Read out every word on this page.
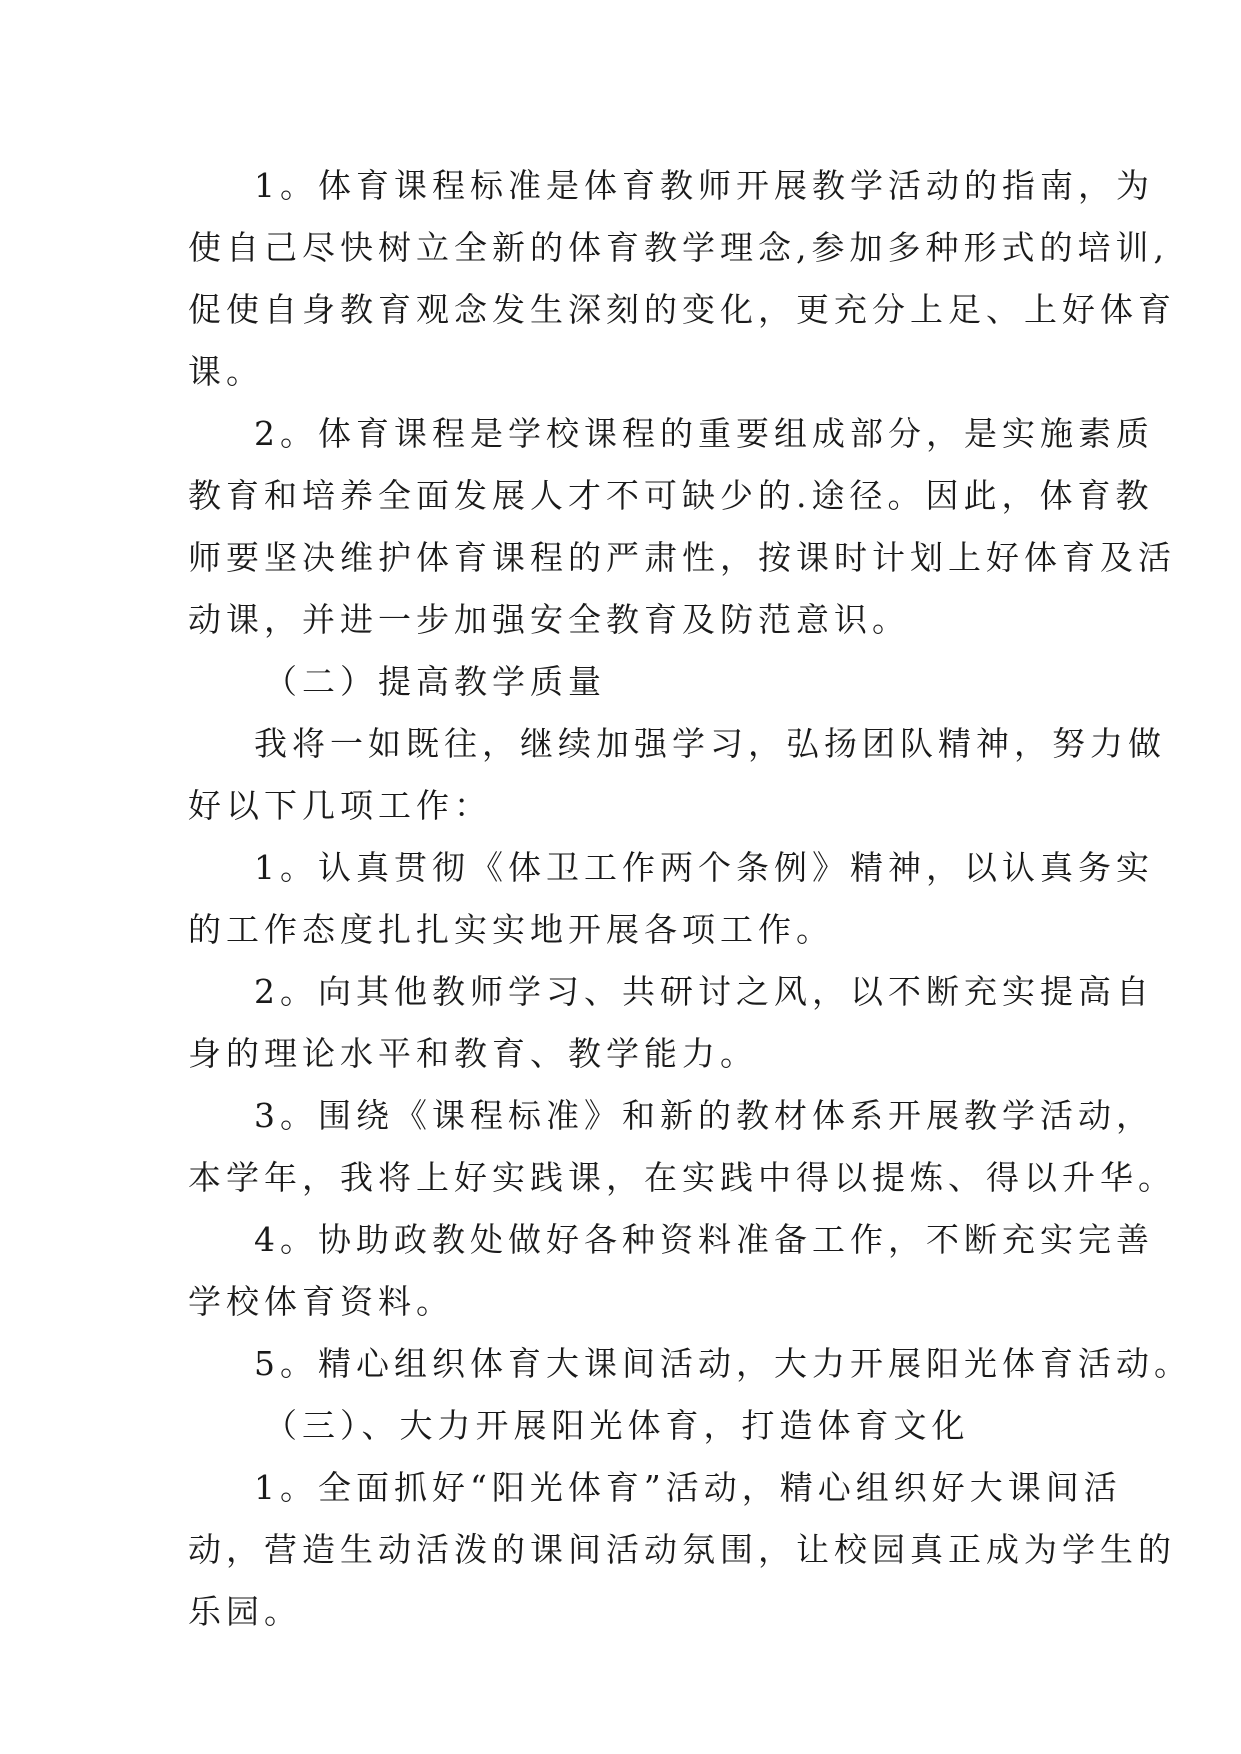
1。体育课程标准是体育教师开展教学活动的指南，为
使自己尽快树立全新的体育教学理念,参加多种形式的培训,
促使自身教育观念发生深刻的变化，更充分上足、上好体育
课。
2。体育课程是学校课程的重要组成部分，是实施素质
教育和培养全面发展人才不可缺少的.途径。因此，体育教
师要坚决维护体育课程的严肃性，按课时计划上好体育及活
动课，并进一步加强安全教育及防范意识。
（二）提高教学质量
我将一如既往，继续加强学习，弘扬团队精神，努力做
好以下几项工作：
1。认真贯彻《体卫工作两个条例》精神，以认真务实
的工作态度扎扎实实地开展各项工作。
2。向其他教师学习、共研讨之风，以不断充实提高自
身的理论水平和教育、教学能力。
3。围绕《课程标准》和新的教材体系开展教学活动，
本学年，我将上好实践课，在实践中得以提炼、得以升华。
4。协助政教处做好各种资料准备工作，不断充实完善
学校体育资料。
5。精心组织体育大课间活动，大力开展阳光体育活动。
（三）、大力开展阳光体育，打造体育文化
1。全面抓好“阳光体育”活动，精心组织好大课间活
动，营造生动活泼的课间活动氛围，让校园真正成为学生的
乐园。
